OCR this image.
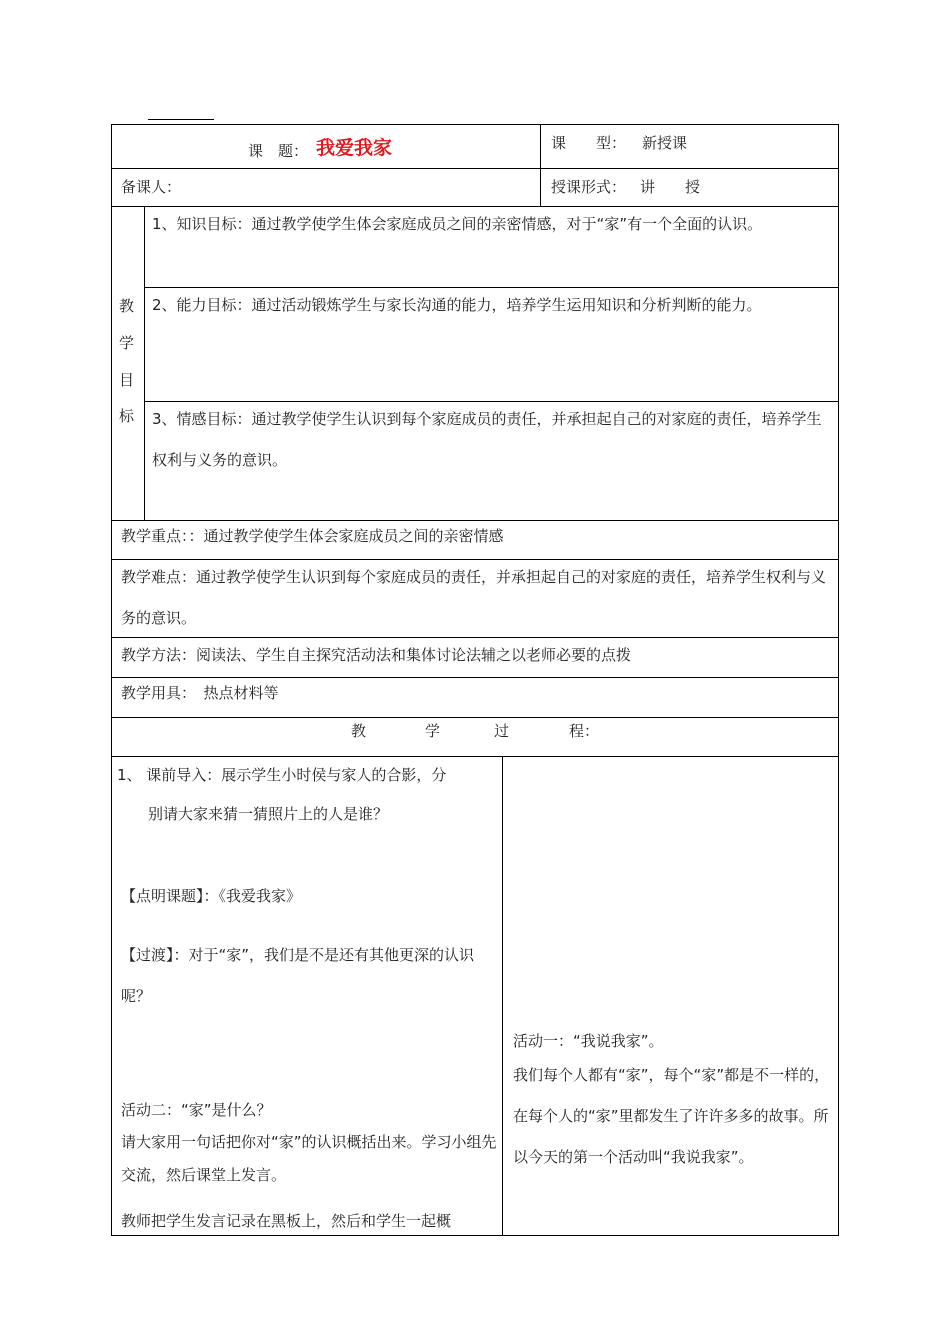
课　题： 我爱我家	课　　型： 新授课
备课人：	授课形式： 讲　　授
教
学
目
标
1、知识目标：通过教学使学生体会家庭成员之间的亲密情感，对于“家”有一个全面的认识。
2、能力目标：通过活动锻炼学生与家长沟通的能力，培养学生运用知识和分析判断的能力。
3、情感目标：通过教学使学生认识到每个家庭成员的责任，并承担起自己的对家庭的责任，培养学生权利与义务的意识。
教学重点：：通过教学使学生体会家庭成员之间的亲密情感
教学难点：通过教学使学生认识到每个家庭成员的责任，并承担起自己的对家庭的责任，培养学生权利与义务的意识。
教学方法：阅读法、学生自主探究活动法和集体讨论法辅之以老师必要的点拨
教学用具：　热点材料等
教	学	过	程：
1、 课前导入：展示学生小时侯与家人的合影，分
别请大家来猜一猜照片上的人是谁？
【点明课题】：《我爱我家》
【过渡】：对于“家”，我们是不是还有其他更深的认识呢？
活动二：“家”是什么？
请大家用一句话把你对“家”的认识概括出来。学习小组先交流，然后课堂上发言。
教师把学生发言记录在黑板上，然后和学生一起概
活动一：“我说我家”。
我们每个人都有“家”，每个“家”都是不一样的，在每个人的“家”里都发生了许许多多的故事。所以今天的第一个活动叫“我说我家”。
